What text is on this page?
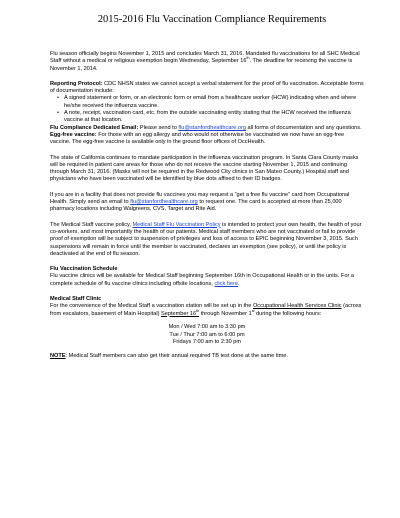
2015-2016 Flu Vaccination Compliance Requirements

Flu season officially begins November 1, 2015 and concludes March 31, 2016. Mandated flu vaccinations for all SHC Medical Staff without a medical or religious exemption begin Wednesday, September 16th. The deadline for receiving the vaccine is November 1, 2014.

Reporting Protocol: CDC NHSN states we cannot accept a verbal statement for the proof of flu vaccination. Acceptable forms of documentation include:

• A signed statement or form, or an electronic form or email from a healthcare worker (HCW) indicating when and where he/she received the influenza vaccine.
• A note, receipt, vaccination card, etc. from the outside vaccinating entity stating that the HCW received the influenza vaccine at that location.

Flu Compliance Dedicated Email: Please send to flu@stanfordhealthcare.org all forms of documentation and any questions.

Egg-free vaccine: For those with an egg allergy and who would not otherwise be vaccinated we now have an egg-free vaccine. The egg-free vaccine is available only in the ground floor offices of OccHealth.

The state of California continues to mandate participation in the influenza vaccination program. In Santa Clara County masks will be required in patient care areas for those who do not receive the vaccine starting November 1, 2015 and continuing through March 31, 2016. (Masks will not be required in the Redwood City clinics in San Mateo County.) Hospital staff and physicians who have been vaccinated will be identified by blue dots affixed to their ID badges.

If you are in a facility that does not provide flu vaccines you may request a “get a free flu vaccine” card from Occupational Health. Simply send an email to flu@stanfordhealthcare.org to request one. The card is accepted at more than 25,000 pharmacy locations including Walgreens, CVS, Target and Rite Aid.

The Medical Staff vaccine policy, Medical Staff Flu Vaccination Policy is intended to protect your own health, the health of your co-workers, and most importantly the health of our patients. Medical staff members who are not vaccinated or fail to provide proof of exemption will be subject to suspension of privileges and loss of access to EPIC beginning November 3, 2015. Such suspensions will remain in force until the member is vaccinated, declares an exemption (see policy), or until the policy is deactivated at the end of flu season.

Flu Vaccination Schedule

Flu vaccine clinics will be available for Medical Staff beginning September 16th in Occupational Health or in the units. For a complete schedule of flu vaccine clinics including offsite locations, click here.

Medical Staff Clinic

For the convenience of the Medical Staff a vaccination station will be set up in the Occupational Health Services Clinic (across from escalators, basement of Main Hospital) September 16th through November 1st during the following hours:

Mon / Wed 7:00 am to 3:30 pm

Tue / Thur 7:00 am to 6:00 pm

Fridays 7:00 am to 2:30 pm

NOTE: Medical Staff members can also get their annual required TB test done at the same time.
